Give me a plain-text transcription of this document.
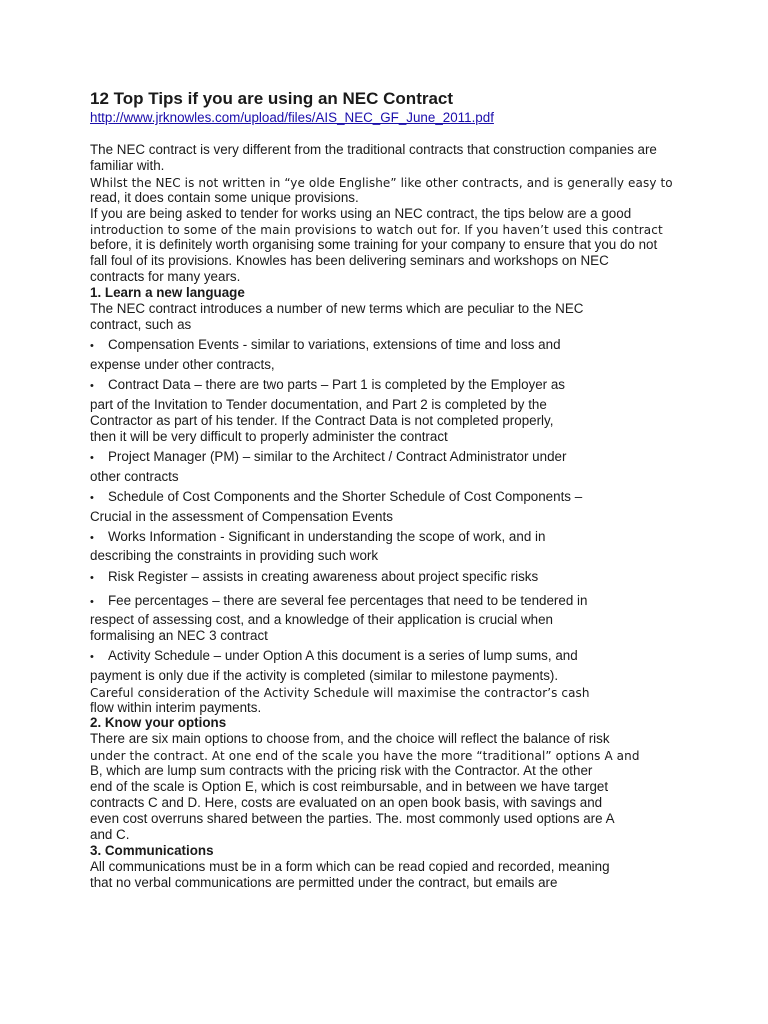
12 Top Tips if you are using an NEC Contract
http://www.jrknowles.com/upload/files/AIS_NEC_GF_June_2011.pdf
The NEC contract is very different from the traditional contracts that construction companies are
familiar with.
Whilst the NEC is not written in “ye olde Englishe” like other contracts, and is generally easy to
read, it does contain some unique provisions.
If you are being asked to tender for works using an NEC contract, the tips below are a good
introduction to some of the main provisions to watch out for. If you haven’t used this contract
before, it is definitely worth organising some training for your company to ensure that you do not
fall foul of its provisions. Knowles has been delivering seminars and workshops on NEC
contracts for many years.
1. Learn a new language
The NEC contract introduces a number of new terms which are peculiar to the NEC
contract, such as
• Compensation Events - similar to variations, extensions of time and loss and
expense under other contracts,
• Contract Data – there are two parts – Part 1 is completed by the Employer as
part of the Invitation to Tender documentation, and Part 2 is completed by the
Contractor as part of his tender. If the Contract Data is not completed properly,
then it will be very difficult to properly administer the contract
• Project Manager (PM) – similar to the Architect / Contract Administrator under
other contracts
• Schedule of Cost Components and the Shorter Schedule of Cost Components –
Crucial in the assessment of Compensation Events
• Works Information - Significant in understanding the scope of work, and in
describing the constraints in providing such work
• Risk Register – assists in creating awareness about project specific risks
• Fee percentages – there are several fee percentages that need to be tendered in
respect of assessing cost, and a knowledge of their application is crucial when
formalising an NEC 3 contract
• Activity Schedule – under Option A this document is a series of lump sums, and
payment is only due if the activity is completed (similar to milestone payments).
Careful consideration of the Activity Schedule will maximise the contractor’s cash
flow within interim payments.
2. Know your options
There are six main options to choose from, and the choice will reflect the balance of risk
under the contract. At one end of the scale you have the more “traditional” options A and
B, which are lump sum contracts with the pricing risk with the Contractor. At the other
end of the scale is Option E, which is cost reimbursable, and in between we have target
contracts C and D. Here, costs are evaluated on an open book basis, with savings and
even cost overruns shared between the parties. The. most commonly used options are A
and C.
3. Communications
All communications must be in a form which can be read copied and recorded, meaning
that no verbal communications are permitted under the contract, but emails are
